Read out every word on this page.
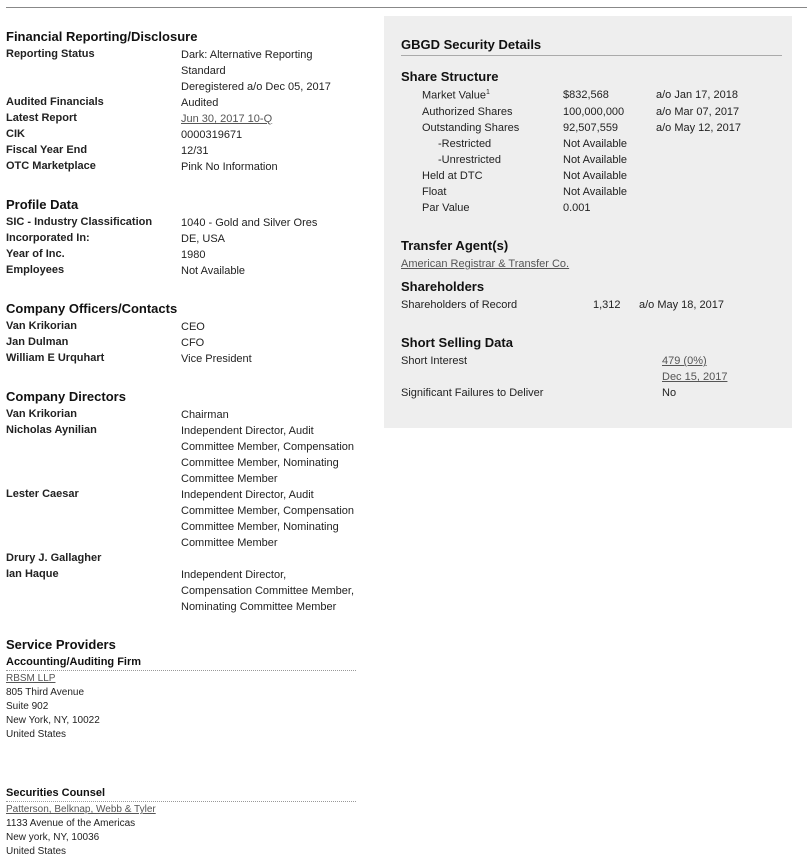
Financial Reporting/Disclosure
Reporting Status	Dark: Alternative Reporting Standard
Deregistered a/o Dec 05, 2017
Audited Financials	Audited
Latest Report	Jun 30, 2017 10-Q
CIK	0000319671
Fiscal Year End	12/31
OTC Marketplace	Pink No Information
Profile Data
SIC - Industry Classification	1040 - Gold and Silver Ores
Incorporated In:	DE, USA
Year of Inc.	1980
Employees	Not Available
Company Officers/Contacts
Van Krikorian	CEO
Jan Dulman	CFO
William E Urquhart	Vice President
Company Directors
Van Krikorian	Chairman
Nicholas Aynilian	Independent Director, Audit Committee Member, Compensation Committee Member, Nominating Committee Member
Lester Caesar	Independent Director, Audit Committee Member, Compensation Committee Member, Nominating Committee Member
Drury J. Gallagher
Ian Haque	Independent Director, Compensation Committee Member, Nominating Committee Member
Service Providers
Accounting/Auditing Firm
RBSM LLP
805 Third Avenue
Suite 902
New York, NY, 10022
United States
Securities Counsel
Patterson, Belknap, Webb & Tyler
1133 Avenue of the Americas
New york, NY, 10036
United States
GBGD Security Details
Share Structure
Market Value$^1$	$832,568	a/o Jan 17, 2018
Authorized Shares	100,000,000	a/o Mar 07, 2017
Outstanding Shares	92,507,559	a/o May 12, 2017
-Restricted	Not Available
-Unrestricted	Not Available
Held at DTC	Not Available
Float	Not Available
Par Value	0.001
Transfer Agent(s)
American Registrar & Transfer Co.
Shareholders
Shareholders of Record	1,312 a/o May 18, 2017
Short Selling Data
Short Interest	479 (0%)
Dec 15, 2017
Significant Failures to Deliver	No
